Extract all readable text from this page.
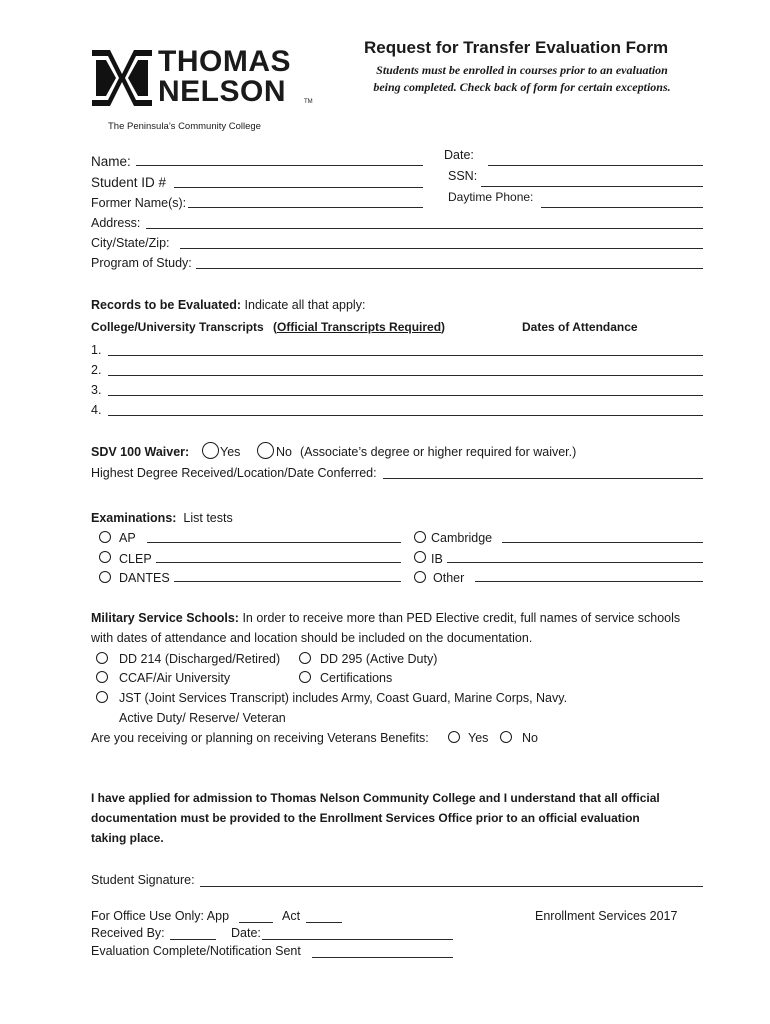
THOMAS
NELSON	TM
The Peninsula’s Community College
Request for Transfer Evaluation Form
Students must be enrolled in courses prior to an evaluation being completed. Check back of form for certain exceptions.
Name:
Student ID #
Former Name(s):
Date:
SSN:
Daytime Phone:
Address:
City/State/Zip:
Program of Study:
Records to be Evaluated: Indicate all that apply:
College/University Transcripts (Official Transcripts Required)	Dates of Attendance
1.
2.
3.
4.
SDV 100 Waiver: Yes	No (Associate’s degree or higher required for waiver.)
Highest Degree Received/Location/Date Conferred:
Examinations: List tests
AP
CLEP
DANTES
Cambridge
IB
Other
Military Service Schools: In order to receive more than PED Elective credit, full names of service schools
with dates of attendance and location should be included on the documentation.
DD 214 (Discharged/Retired)	DD 295 (Active Duty)
CCAF/Air University	Certifications
JST (Joint Services Transcript) includes Army, Coast Guard, Marine Corps, Navy.
Active Duty/ Reserve/ Veteran
Are you receiving or planning on receiving Veterans Benefits:	Yes	No
I have applied for admission to Thomas Nelson Community College and I understand that all official
documentation must be provided to the Enrollment Services Office prior to an official evaluation
taking place.
Student Signature:
For Office Use Only: App	Act	Enrollment Services 2017
Received By:	Date:
Evaluation Complete/Notification Sent
